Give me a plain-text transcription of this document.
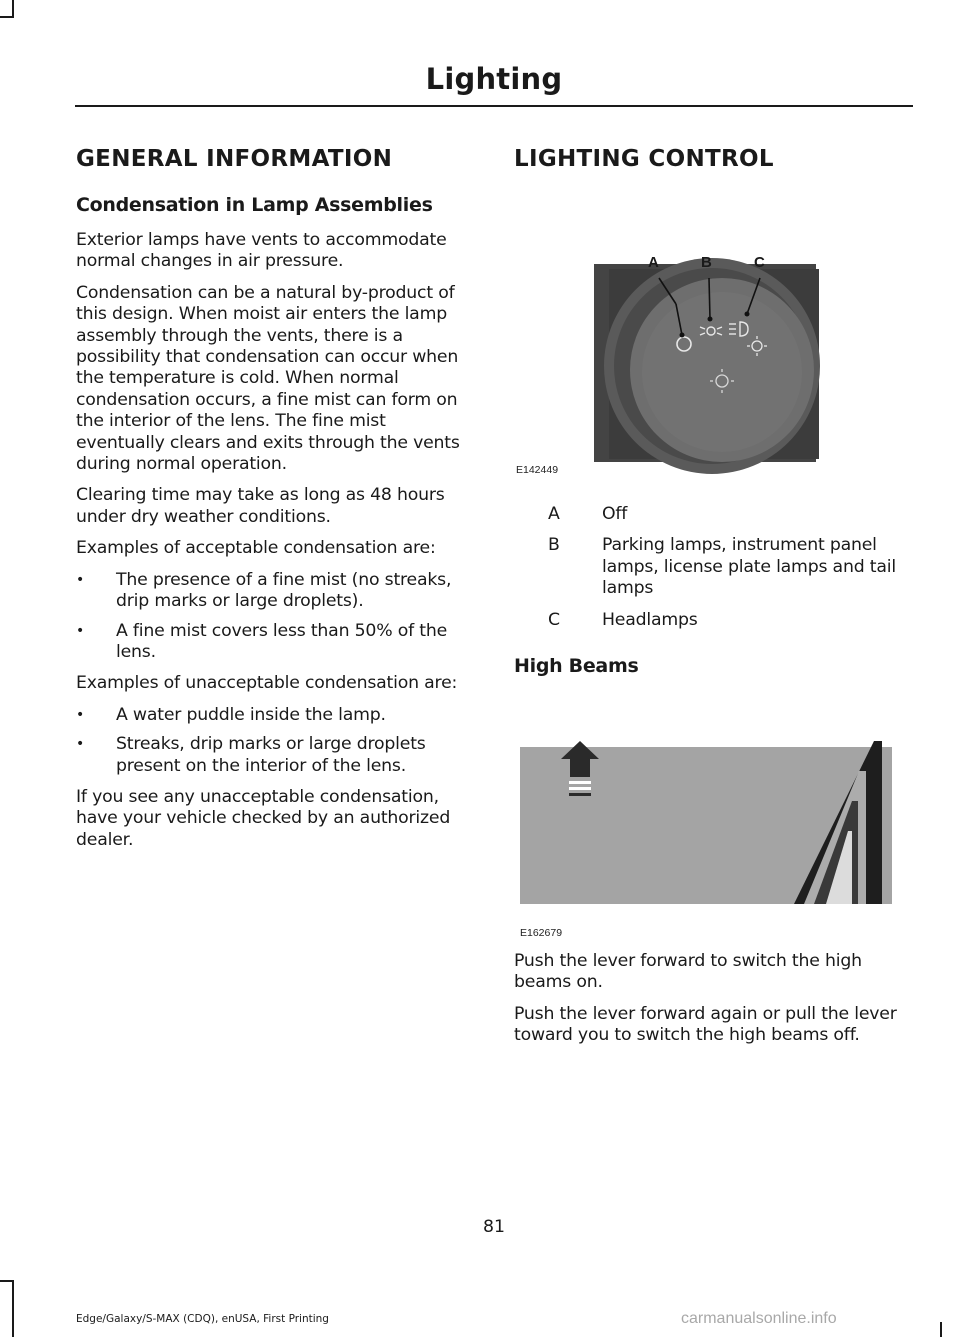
Lighting
GENERAL INFORMATION
Condensation in Lamp Assemblies

Exterior lamps have vents to accommodate normal changes in air pressure.

Condensation can be a natural by-product of this design. When moist air enters the lamp assembly through the vents, there is a possibility that condensation can occur when the temperature is cold. When normal condensation occurs, a fine mist can form on the interior of the lens. The fine mist eventually clears and exits through the vents during normal operation.

Clearing time may take as long as 48 hours under dry weather conditions.

Examples of acceptable condensation are:

• The presence of a fine mist (no streaks, drip marks or large droplets).
• A fine mist covers less than 50% of the lens.

Examples of unacceptable condensation are:

• A water puddle inside the lamp.
• Streaks, drip marks or large droplets present on the interior of the lens.

If you see any unacceptable condensation, have your vehicle checked by an authorized dealer.

LIGHTING CONTROL
A	B	C
E142449
A	Off
B	Parking lamps, instrument panel lamps, license plate lamps and tail lamps
C	Headlamps
High Beams
E162679

Push the lever forward to switch the high beams on.

Push the lever forward again or pull the lever toward you to switch the high beams off.

81
Edge/Galaxy/S-MAX (CDQ), enUSA, First Printing	carmanualsonline.info
